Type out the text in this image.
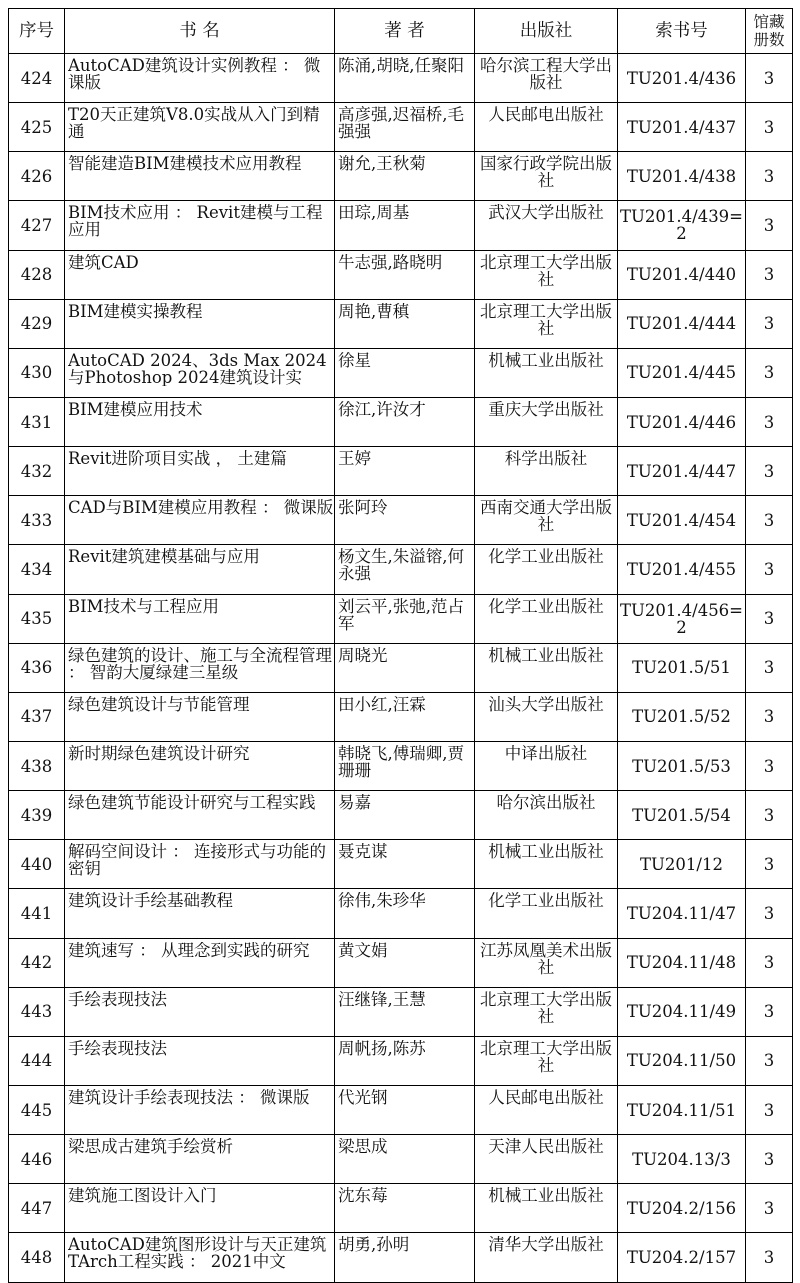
序号	书 名	著 者	出版社	索书号	馆藏册数

424	AutoCAD建筑设计实例教程 ： 微课版	陈涌,胡晓,任聚阳	哈尔滨工程大学出版社	TU201.4/436	3

425	T20天正建筑V8.0实战从入门到精通	高彦强,迟福桥,毛强强	人民邮电出版社	TU201.4/437	3

426	智能建造BIM建模技术应用教程	谢允,王秋菊	国家行政学院出版社	TU201.4/438	3

427	BIM技术应用 ： Revit建模与工程应用	田琮,周基	武汉大学出版社	TU201.4/439=2	3

428	建筑CAD	牛志强,路晓明	北京理工大学出版社	TU201.4/440	3

429	BIM建模实操教程	周艳,曹稹	北京理工大学出版社	TU201.4/444	3

430	AutoCAD 2024、3ds Max 2024与Photoshop 2024建筑设计实	徐星	机械工业出版社	TU201.4/445	3

431	BIM建模应用技术	徐江,许汝才	重庆大学出版社	TU201.4/446	3

432	Revit进阶项目实战 ， 土建篇	王婷	科学出版社	TU201.4/447	3

433	CAD与BIM建模应用教程 ： 微课版	张阿玲	西南交通大学出版社	TU201.4/454	3

434	Revit建筑建模基础与应用	杨文生,朱溢镕,何永强	化学工业出版社	TU201.4/455	3

435	BIM技术与工程应用	刘云平,张弛,范占军	化学工业出版社	TU201.4/456=2	3

436	绿色建筑的设计、施工与全流程管理 ： 智韵大厦绿建三星级	周晓光	机械工业出版社	TU201.5/51	3

437	绿色建筑设计与节能管理	田小红,汪霖	汕头大学出版社	TU201.5/52	3

438	新时期绿色建筑设计研究	韩晓飞,傅瑞卿,贾珊珊	中译出版社	TU201.5/53	3

439	绿色建筑节能设计研究与工程实践	易嘉	哈尔滨出版社	TU201.5/54	3

440	解码空间设计 ： 连接形式与功能的密钥	聂克谋	机械工业出版社	TU201/12	3

441	建筑设计手绘基础教程	徐伟,朱珍华	化学工业出版社	TU204.11/47	3

442	建筑速写 ： 从理念到实践的研究	黄文娟	江苏凤凰美术出版社	TU204.11/48	3

443	手绘表现技法	汪继锋,王慧	北京理工大学出版社	TU204.11/49	3

444	手绘表现技法	周帆扬,陈苏	北京理工大学出版社	TU204.11/50	3

445	建筑设计手绘表现技法 ： 微课版	代光钢	人民邮电出版社	TU204.11/51	3

446	梁思成古建筑手绘赏析	梁思成	天津人民出版社	TU204.13/3	3

447	建筑施工图设计入门	沈东莓	机械工业出版社	TU204.2/156	3

448	AutoCAD建筑图形设计与天正建筑TArch工程实践 ： 2021中文	胡勇,孙明	清华大学出版社	TU204.2/157	3
